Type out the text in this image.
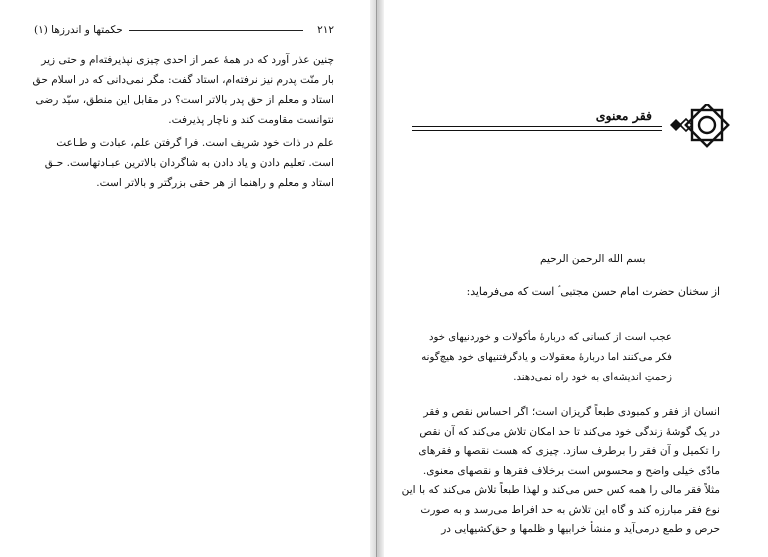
۲۱۲
حکمتها و اندرزها (۱)
چنین عذر آورد که در همهٔ عمر از احدی چیزی نپذیرفته‌ام و حتی زیر
بار منّت پدرم نیز نرفته‌ام، استاد گفت: مگر نمی‌دانی که در اسلام حق
استاد و معلم از حق پدر بالاتر است؟ در مقابل این منطق، سیّد رضی
نتوانست مقاومت کند و ناچار پذیرفت.
علم در ذات خود شریف است. فرا گرفتن علم، عبادت و طـاعت
است. تعلیم دادن و یاد دادن به شاگردان بالاترین عبـادتهاست. حـق
استاد و معلم و راهنما از هر حقی بزرگتر و بالاتر است.
فقر معنوی
بسم الله الرحمن الرحیم
از سخنان حضرت امام حسن مجتبی ؑ است که می‌فرماید:
عجب است از کسانی که دربارهٔ مأکولات و خوردنیهای خود
فکر می‌کنند اما دربارهٔ معقولات و یادگرفتنیهای خود هیچ‌گونه
زحمتِ اندیشه‌ای به خود راه نمی‌دهند.
انسان از فقر و کمبودی طبعاً گریزان است؛ اگر احساس نقص و فقر
در یک گوشهٔ زندگی خود می‌کند تا حد امکان تلاش می‌کند که آن نقص
را تکمیل و آن فقر را برطرف سازد. چیزی که هست نقصها و فقرهای
مادّی خیلی واضح و محسوس است برخلاف فقرها و نقصهای معنوی.
مثلاً فقر مالی را همه کس حس می‌کند و لهذا طبعاً تلاش می‌کند که با این
نوع فقر مبارزه کند و گاه این تلاش به حد افراط می‌رسد و به صورت
حرص و طمع درمی‌آید و منشأ خرابیها و ظلمها و حق‌کشیهایی در
